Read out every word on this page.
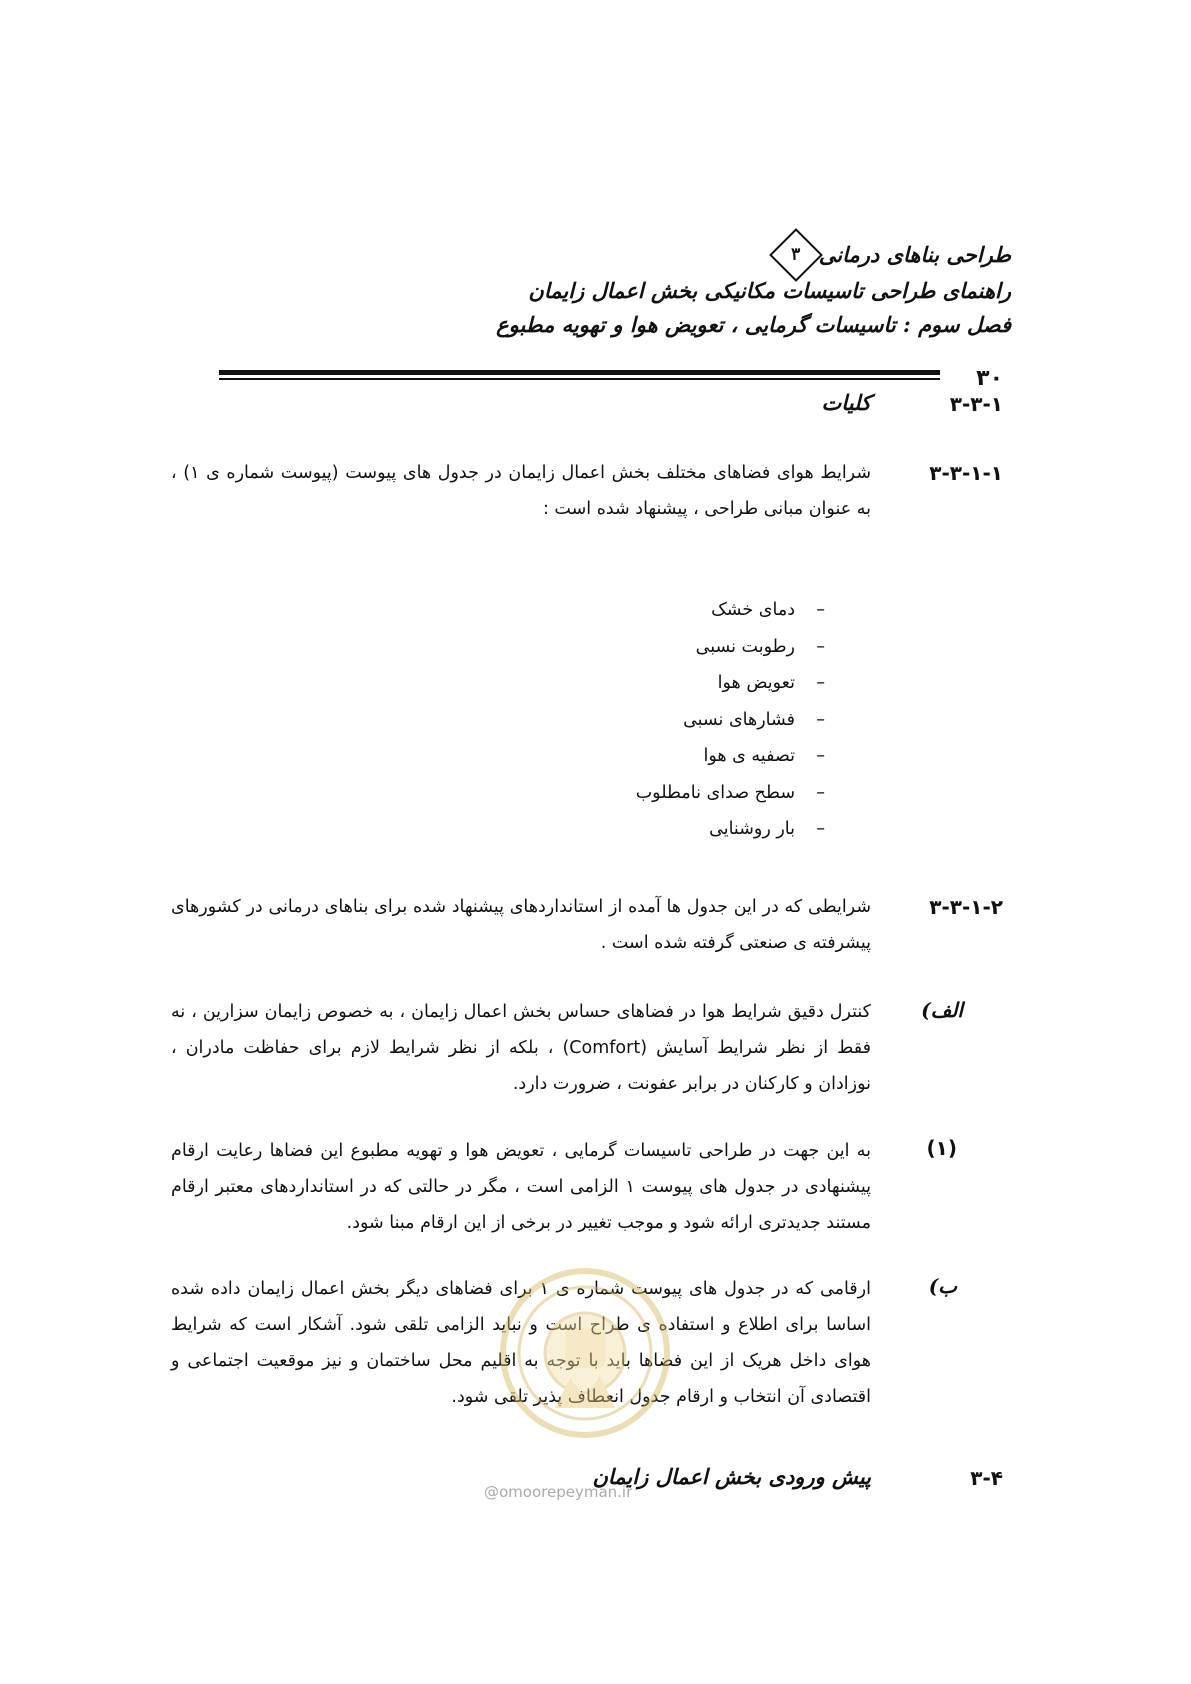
طراحی بناهای درمانی
۳
راهنمای طراحی تاسیسات مکانیکی بخش اعمال زایمان
فصل سوم : تاسیسات گرمایی ، تعویض هوا و تهویه مطبوع
۳۰
۳-۳-۱
کلیات
۳-۳-۱-۱
شرایط هوای فضاهای مختلف بخش اعمال زایمان در جدول های پیوست (پیوست شماره ی ۱) ، به عنوان مبانی طراحی ، پیشنهاد شده است :
–
دمای خشک
–
رطوبت نسبی
–
تعویض هوا
–
فشارهای نسبی
–
تصفیه ی هوا
–
سطح صدای نامطلوب
–
بار روشنایی
۳-۳-۱-۲
شرایطی که در این جدول ها آمده از استانداردهای پیشنهاد شده برای بناهای درمانی در کشورهای پیشرفته ی صنعتی گرفته شده است .
الف)
کنترل دقیق شرایط هوا در فضاهای حساس بخش اعمال زایمان ، به خصوص زایمان سزارین ، نه فقط از نظر شرایط آسایش (Comfort) ، بلکه از نظر شرایط لازم برای حفاظت مادران ، نوزادان و کارکنان در برابر عفونت ، ضرورت دارد.
(۱)
به این جهت در طراحی تاسیسات گرمایی ، تعویض هوا و تهویه مطبوع این فضاها رعایت ارقام پیشنهادی در جدول های پیوست ۱ الزامی است ، مگر در حالتی که در استانداردهای معتبر ارقام مستند جدیدتری ارائه شود و موجب تغییر در برخی از این ارقام مبنا شود.
ب)
ارقامی که در جدول های پیوست شماره ی ۱ برای فضاهای دیگر بخش اعمال زایمان داده شده اساسا برای اطلاع و استفاده ی طراح است و نباید الزامی تلقی شود. آشکار است که شرایط هوای داخل هریک از این فضاها باید با توجه به اقلیم محل ساختمان و نیز موقعیت اجتماعی و اقتصادی آن انتخاب و ارقام جدول انعطاف پذیر تلقی شود.
۳-۴
پیش ورودی بخش اعمال زایمان
@omoorepeyman.ir
